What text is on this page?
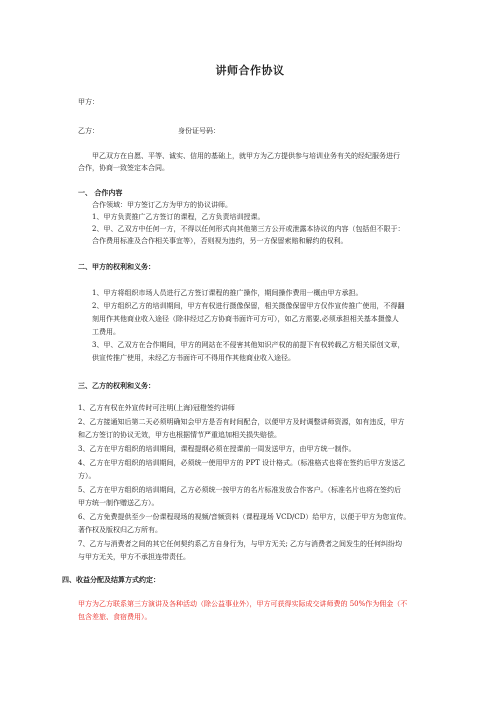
讲师合作协议
甲方：
乙方：	身份证号码：
甲乙双方在自愿、平等、诚实、信用的基础上，就甲方为乙方提供参与培训业务有关的经纪服务进行
合作，协商一致签定本合同。
一、 合作内容
合作领域：甲方签订乙方为甲方的协议讲师。
1、甲方负责推广乙方签订的课程，乙方负责培训授课。
2、甲、乙双方中任何一方，不得以任何形式向其他第三方公开或泄露本协议的内容（包括但不限于：
合作费用标准及合作相关事宜等），否则视为违约，另一方保留索赔和解约的权利。
二、甲方的权利和义务：
1、甲方将组织市场人员进行乙方签订课程的推广操作，期间操作费用一概由甲方承担。
2、甲方组织乙方的培训期间，甲方有权进行摄像保留，相关摄像保留甲方仅作宣传推广使用，不得翻
刻用作其他商业收入途径（除非经过乙方协商书面许可方可），如乙方需要,必须承担相关基本摄像人
工费用。
3、甲、乙双方在合作期间，甲方的网站在不侵害其他知识产权的前提下有权转载乙方相关原创文章，
供宣传推广使用，未经乙方书面许可不得用作其他商业收入途径。
三、乙方的权利和义务：
1、乙方有权在外宣传时可注明(上海)冠橙签约讲师
2、乙方接通知后第二天必须明确知会甲方是否有时间配合，以便甲方及时调整讲师资源，如有违反，甲方
和乙方签订的协议无效，甲方也根据情节严重追加相关损失赔偿。
3、乙方在甲方组织的培训期间，课程提纲必须在授课前一周发送甲方，由甲方统一制作。
4、乙方在甲方组织的培训期间，必须统一使用甲方的 PPT 设计格式。（标准格式也将在签约后甲方发送乙
方）。
5、乙方在甲方组织的培训期间，乙方必须统一按甲方的名片标准发放合作客户。（标准名片也将在签约后
甲方统一制作赠送乙方）。
6、乙方免费提供至少一份课程现场的视频/音频资料（课程现场 VCD/CD）给甲方，以便于甲方为您宣传。
著作权及版权归乙方所有。
7、乙方与消费者之间的其它任何契约系乙方自身行为，与甲方无关; 乙方与消费者之间发生的任何纠纷均
与甲方无关，甲方不承担连带责任。
四、收益分配及结算方式约定：
甲方为乙方联系第三方演讲及各种活动（除公益事业外），甲方可获得实际成交讲师费的 50%作为佣金（不
包含差旅、食宿费用）。
